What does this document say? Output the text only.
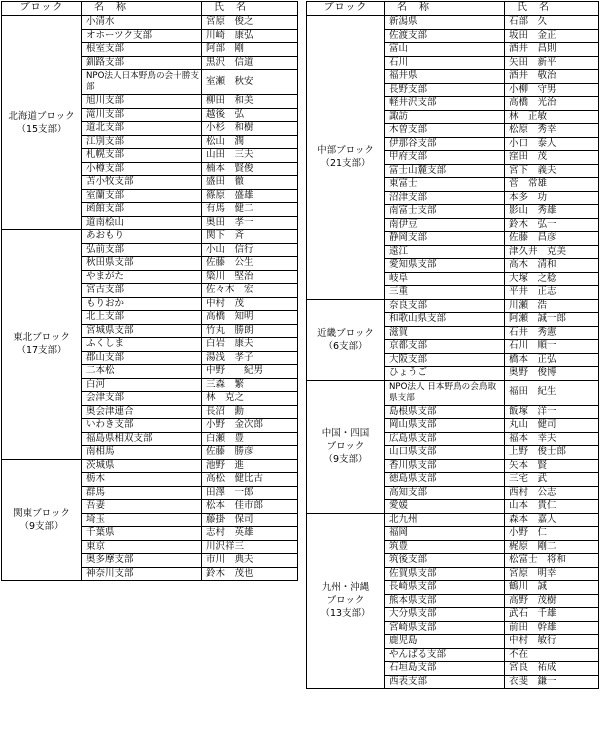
ブロック	名　称	氏　名
北海道ブロック
（15支部）	小清水	宮原　俊之
	オホーツク支部	川崎　康弘
	根室支部	阿部　剛
	釧路支部	黒沢　信道
	NPO法人日本野鳥の会十勝支部	室瀬　秋安
	旭川支部	柳田　和美
	滝川支部	越後　弘
	道北支部	小杉　和樹
	江別支部	松山　潤
	札幌支部	山田　三夫
	小樽支部	楠本　賢俊
	苫小牧支部	盛田　徹
	室蘭支部	篠原　盛雄
	函館支部	有馬　健二
	道南桧山	奥田　孝一
東北ブロック
（17支部）	あおもり	関下　斉
	弘前支部	小山　信行
	秋田県支部	佐藤　公生
	やまがた	簗川　堅治
	宮古支部	佐々木　宏
	もりおか	中村　茂
	北上支部	高橋　知明
	宮城県支部	竹丸　勝朗
	ふくしま	白岩　康夫
	郡山支部	湯浅　孝子
	二本松	中野　　紀男
	白河	三森　繁
	会津支部	林　克之
	奥会津連合	長沼　勳
	いわき支部	小野　金次郎
	福島県相双支部	白瀬　豊
	南相馬	佐藤　勝彦
関東ブロック
（9支部）	茨城県	池野　進
	栃木	高松　健比古
	群馬	田澤　一郎
	吾妻	松本　佳市郎
	埼玉	藤掛　保司
	千葉県	志村　英雄
	東京	川沢祥三
	奥多摩支部	市川　典夫
	神奈川支部	鈴木　茂也
ブロック	名　称	氏　名
中部ブロック
（21支部）	新潟県	石部　久
	佐渡支部	坂田　金正
	富山	酒井　昌則
	石川	矢田　新平
	福井県	酒井　敬治
	長野支部	小柳　守男
	軽井沢支部	高橋　光治
	諏訪	林　正敏
	木曽支部	松原　秀幸
	伊那谷支部	小口　泰人
	甲府支部	窪田　茂
	富士山麓支部	宮下　義夫
	東富士	菅　常雄
	沼津支部	本多　功
	南富士支部	影山　秀雄
	南伊豆	鈴木　弘一
	静岡支部	佐藤　昌彦
	遠江	津久井　克美
	愛知県支部	高木　清和
	岐阜	大塚　之稔
	三重	平井　正志
近畿ブロック
（6支部）	奈良支部	川瀬　浩
	和歌山県支部	阿瀬　誠一郎
	滋賀	石井　秀憲
	京都支部	石川　順一
	大阪支部	橋本　正弘
	ひょうご	奥野　俊博
中国・四国
ブロック
（9支部）	NPO法人 日本野鳥の会鳥取県支部	福田　紀生
	島根県支部	飯塚　洋一
	岡山県支部	丸山　健司
	広島県支部	福本　幸夫
	山口県支部	上野　俊士郎
	香川県支部	矢本　賢
	徳島県支部	三宅　武
	高知支部	西村　公志
	愛媛	山本　貴仁
九州・沖縄
ブロック
（13支部）	北九州	森本　嘉人
	福岡	小野　仁
	筑豊	梶原　剛二
	筑後支部	松富士　将和
	佐賀県支部	宮原　明幸
	長崎県支部	鶴川　誠
	熊本県支部	高野　茂樹
	大分県支部	武石　千雄
	宮崎県支部	前田　幹雄
	鹿児島	中村　敏行
	やんばる支部	不在
	石垣島支部	宮良　祐成
	西表支部	衣斐　鎌一
